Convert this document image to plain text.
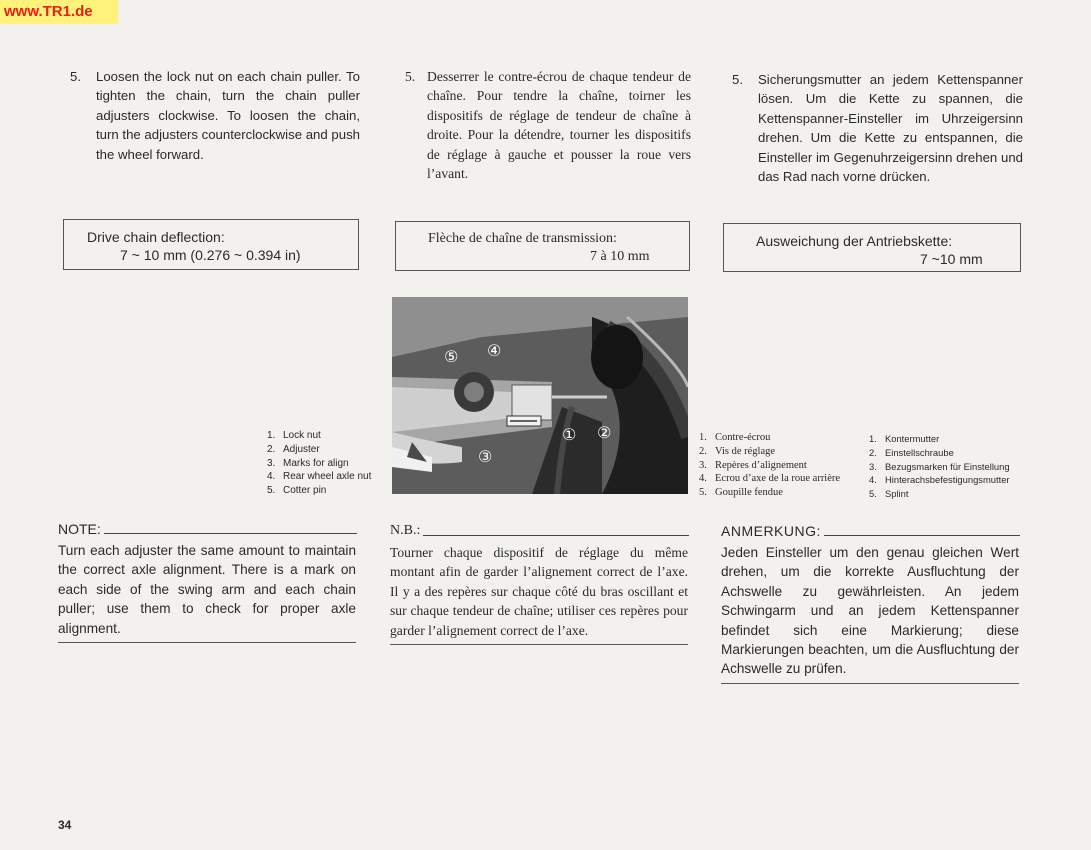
www.TR1.de
5. Loosen the lock nut on each chain puller. To tighten the chain, turn the chain puller adjusters clockwise. To loosen the chain, turn the adjusters counterclockwise and push the wheel forward.
Drive chain deflection:
7 ~ 10 mm (0.276 ~ 0.394 in)
1. Lock nut
2. Adjuster
3. Marks for align
4. Rear wheel axle nut
5. Cotter pin
NOTE:
Turn each adjuster the same amount to maintain the correct axle alignment. There is a mark on each side of the swing arm and each chain puller; use them to check for proper axle alignment.
5. Desserrer le contre-écrou de chaque tendeur de chaîne. Pour tendre la chaîne, toirner les dispositifs de réglage de tendeur de chaîne à droite. Pour la détendre, tourner les dispositifs de réglage à gauche et pousser la roue vers l’avant.
Flèche de chaîne de transmission:
7 à 10 mm
⑤ ④
① ②
③
1. Contre-écrou
2. Vis de réglage
3. Repères d’alignement
4. Ecrou d’axe de la roue arrière
5. Goupille fendue
N.B.:
Tourner chaque dispositif de réglage du même montant afin de garder l’alignement correct de l’axe. Il y a des repères sur chaque côté du bras oscillant et sur chaque tendeur de chaîne; utiliser ces repères pour garder l’alignement correct de l’axe.
5. Sicherungsmutter an jedem Kettenspanner lösen. Um die Kette zu spannen, die Kettenspanner-Einsteller im Uhrzeigersinn drehen. Um die Kette zu entspannen, die Einsteller im Gegenuhrzeigersinn drehen und das Rad nach vorne drücken.
Ausweichung der Antriebskette:
7 ~10 mm
1. Kontermutter
2. Einstellschraube
3. Bezugsmarken für Einstellung
4. Hinterachsbefestigungsmutter
5. Splint
ANMERKUNG:
Jeden Einsteller um den genau gleichen Wert drehen, um die korrekte Ausfluchtung der Achswelle zu gewährleisten. An jedem Schwingarm und an jedem Kettenspanner befindet sich eine Markierung; diese Markierungen beachten, um die Ausfluchtung der Achswelle zu prüfen.
34
